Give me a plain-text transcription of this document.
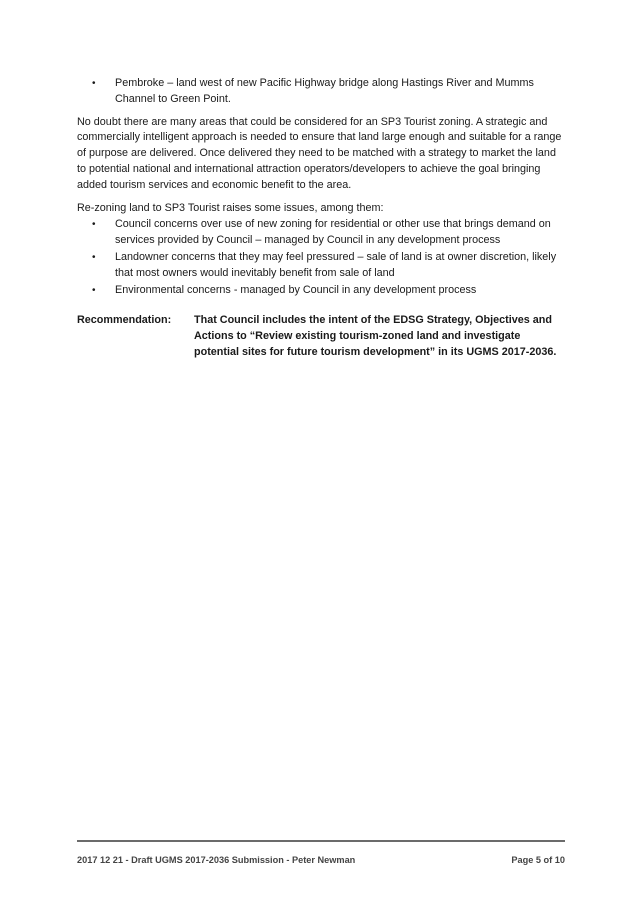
• Pembroke – land west of new Pacific Highway bridge along Hastings River and Mumms Channel to Green Point.

No doubt there are many areas that could be considered for an SP3 Tourist zoning. A strategic and commercially intelligent approach is needed to ensure that land large enough and suitable for a range of purpose are delivered. Once delivered they need to be matched with a strategy to market the land to potential national and international attraction operators/developers to achieve the goal bringing added tourism services and economic benefit to the area.

Re-zoning land to SP3 Tourist raises some issues, among them:

• Council concerns over use of new zoning for residential or other use that brings demand on services provided by Council – managed by Council in any development process
• Landowner concerns that they may feel pressured – sale of land is at owner discretion, likely that most owners would inevitably benefit from sale of land
• Environmental concerns - managed by Council in any development process
Recommendation:	That Council includes the intent of the EDSG Strategy, Objectives and Actions to “Review existing tourism-zoned land and investigate potential sites for future tourism development” in its UGMS 2017-2036.
2017 12 21 - Draft UGMS 2017-2036 Submission - Peter Newman	Page 5 of 10
